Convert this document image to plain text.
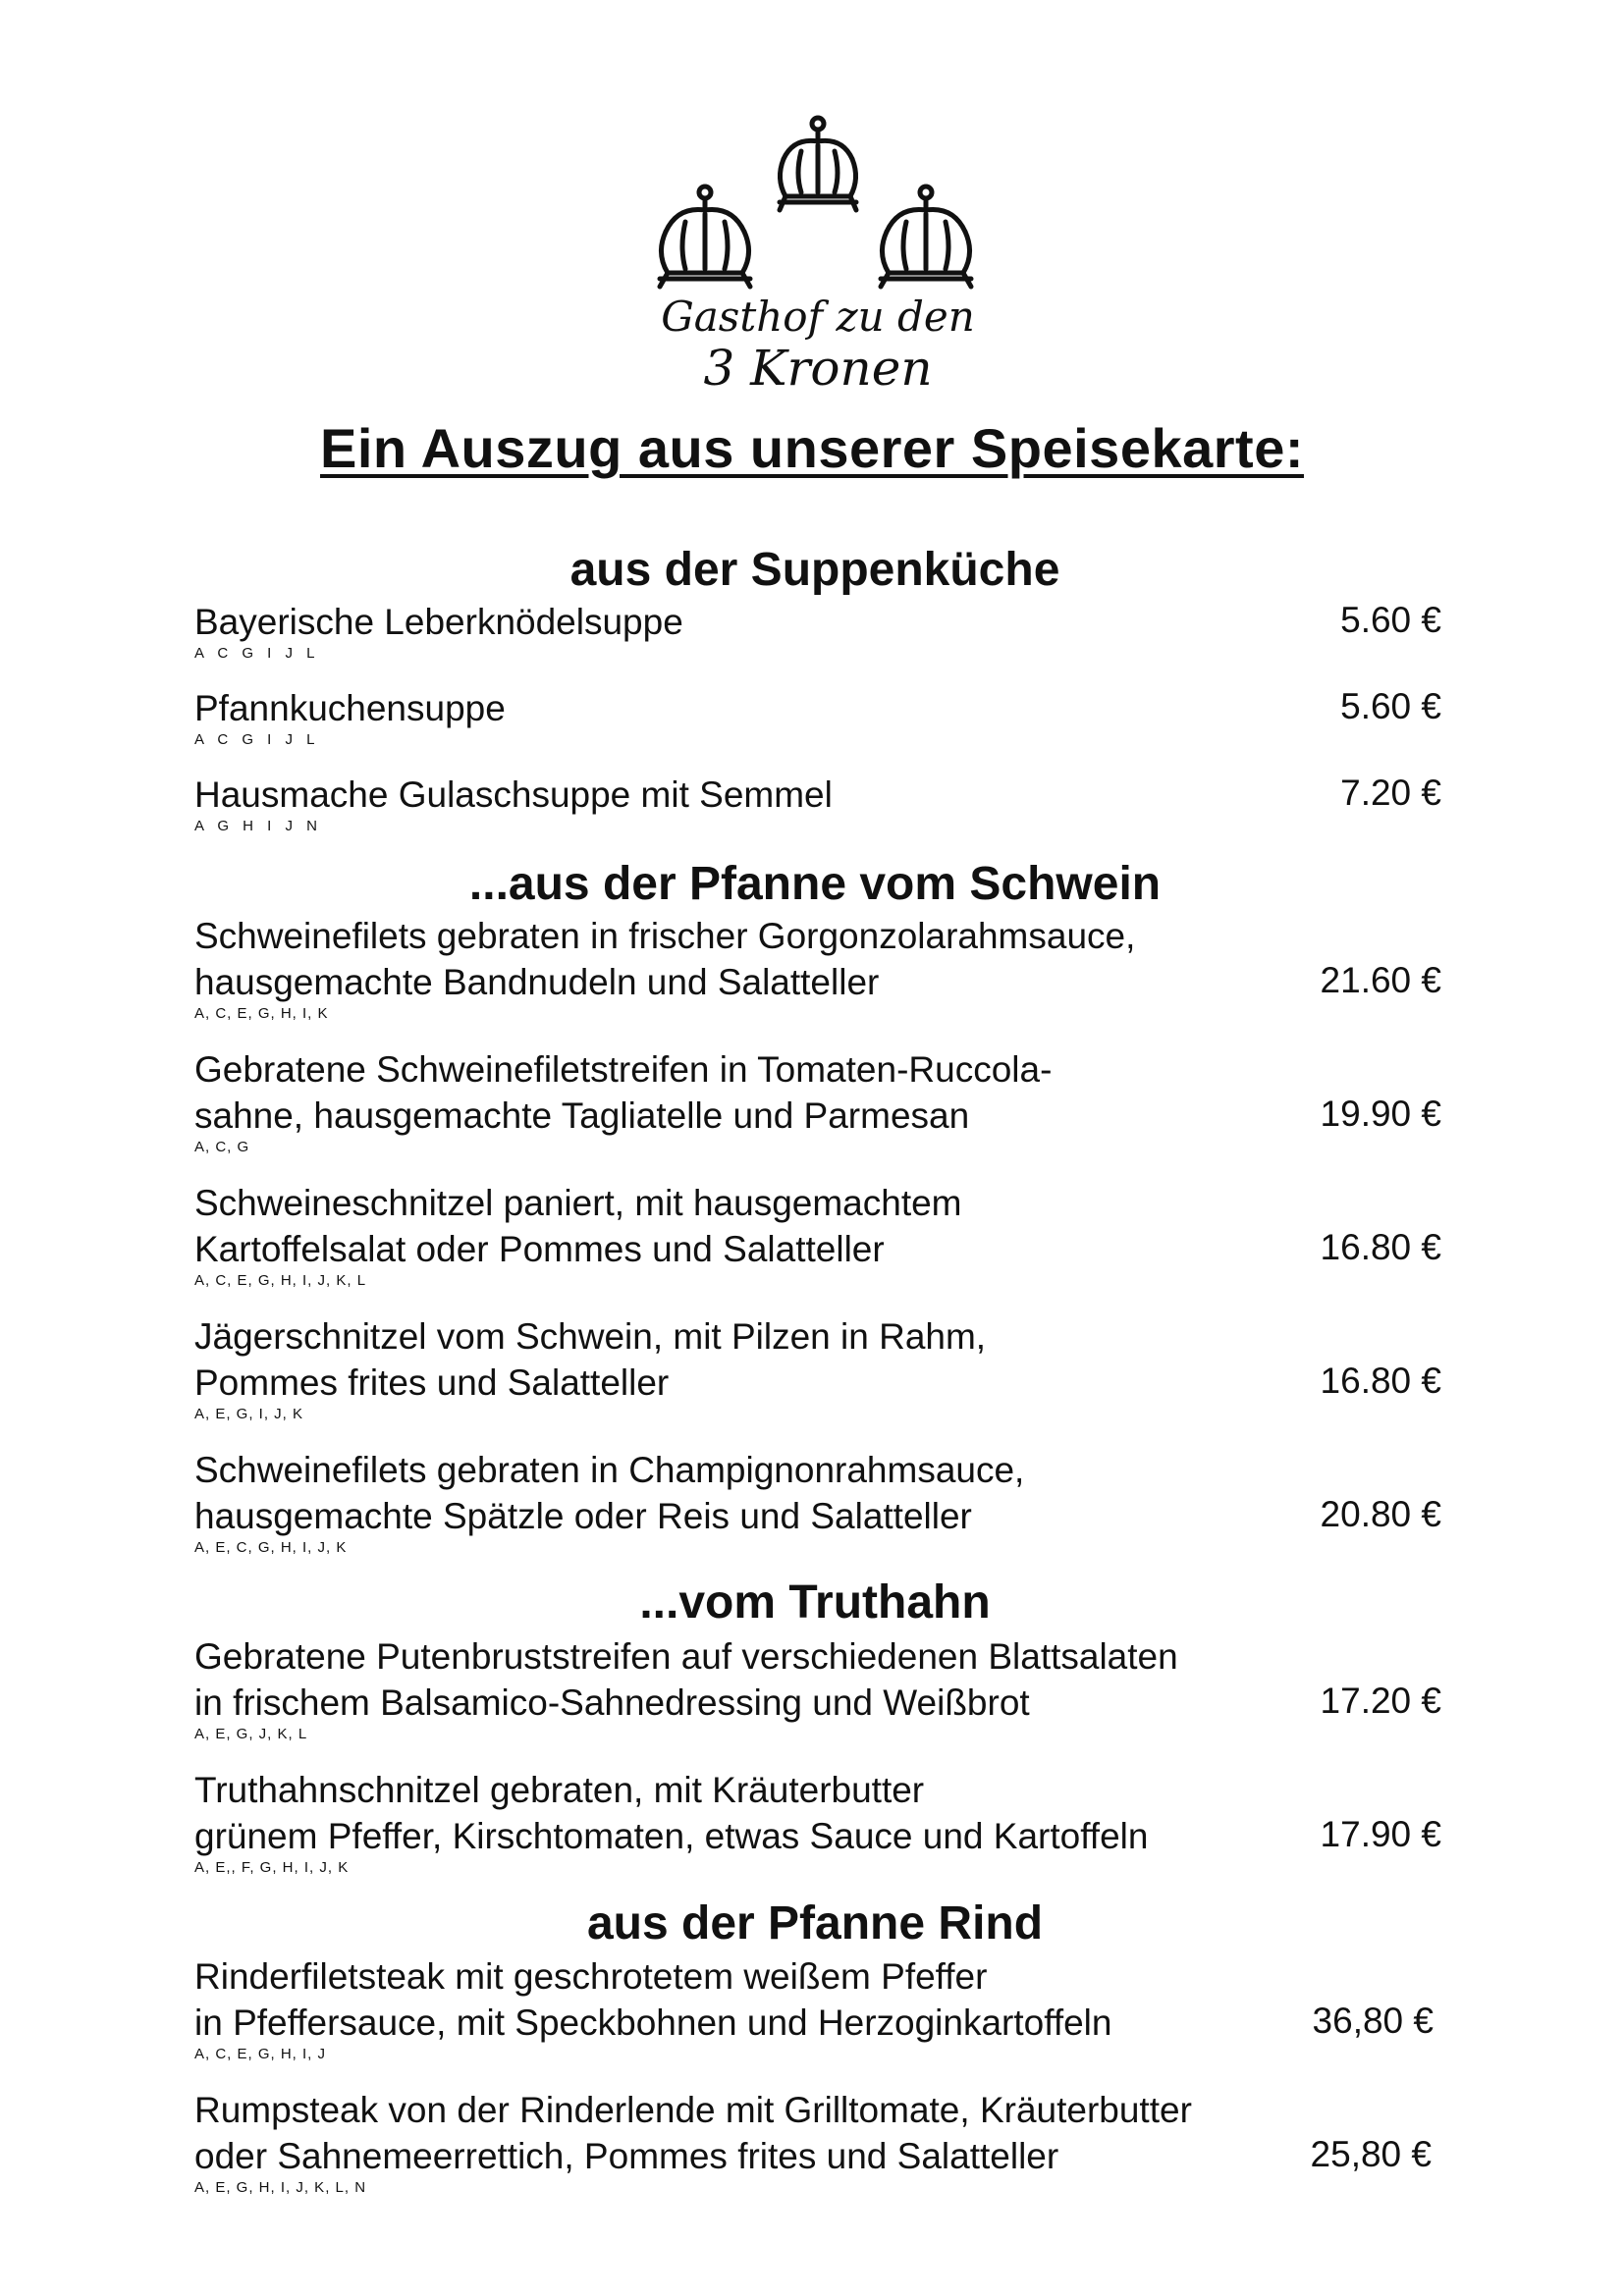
Gasthof zu den
3 Kronen
Ein Auszug aus unserer Speisekarte:
aus der Suppenküche
Bayerische Leberknödelsuppe
A C G I J L
5.60 €
Pfannkuchensuppe
A C G I J L
5.60 €
Hausmache Gulaschsuppe mit Semmel
A G H I J N
7.20 €
...aus der Pfanne vom Schwein
Schweinefilets gebraten in frischer Gorgonzolarahmsauce,
hausgemachte Bandnudeln und Salatteller
A, C, E, G, H, I, K
21.60 €
Gebratene Schweinefiletstreifen in Tomaten-Ruccola-
sahne, hausgemachte Tagliatelle und Parmesan
A, C, G
19.90 €
Schweineschnitzel paniert, mit hausgemachtem
Kartoffelsalat oder Pommes und Salatteller
A, C, E, G, H, I, J, K, L
16.80 €
Jägerschnitzel vom Schwein, mit Pilzen in Rahm,
Pommes frites und Salatteller
A, E, G, I, J, K
16.80 €
Schweinefilets gebraten in Champignonrahmsauce,
hausgemachte Spätzle oder Reis und Salatteller
A, E, C, G, H, I, J, K
20.80 €
...vom Truthahn
Gebratene Putenbruststreifen auf verschiedenen Blattsalaten
in frischem Balsamico-Sahnedressing und Weißbrot
A, E, G, J, K, L
17.20 €
Truthahnschnitzel gebraten, mit Kräuterbutter
grünem Pfeffer, Kirschtomaten, etwas Sauce und Kartoffeln
A, E,, F, G, H, I, J, K
17.90 €
aus der Pfanne Rind
Rinderfiletsteak mit geschrotetem weißem Pfeffer
in Pfeffersauce, mit Speckbohnen und Herzoginkartoffeln
A, C, E, G, H, I, J
36,80 €
Rumpsteak von der Rinderlende mit Grilltomate, Kräuterbutter
oder Sahnemeerrettich, Pommes frites und Salatteller
A, E, G, H, I, J, K, L, N
25,80 €
